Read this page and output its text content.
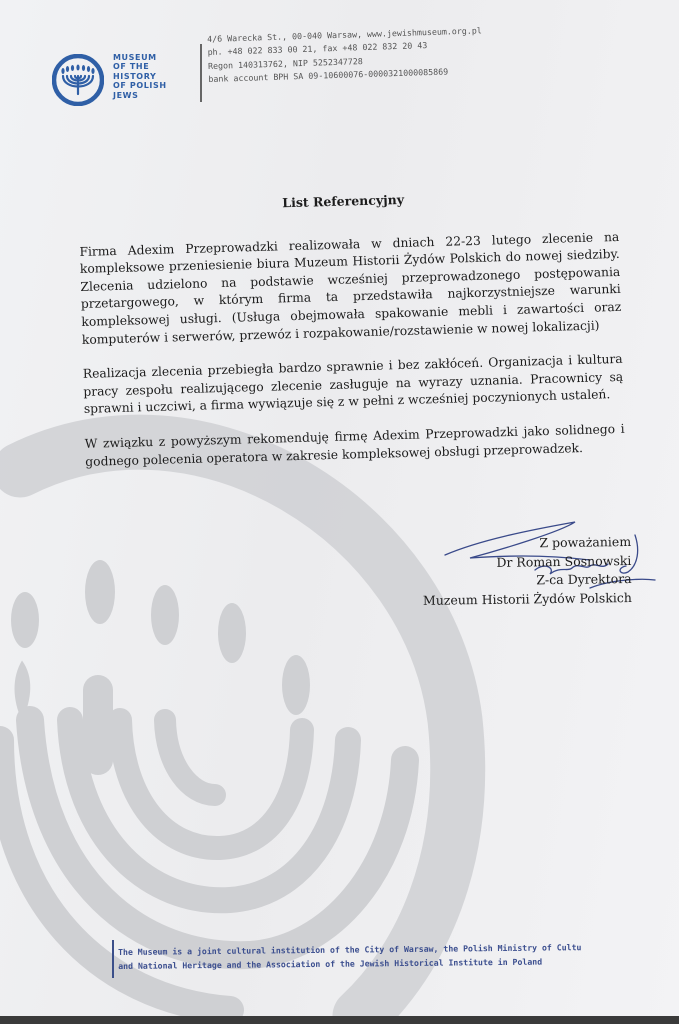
MUSEUM
OF THE
HISTORY
OF POLISH
JEWS
4/6 Warecka St., 00-040 Warsaw, www.jewishmuseum.org.pl
ph. +48 022 833 00 21, fax +48 022 832 20 43
Regon 140313762, NIP 5252347728
bank account BPH SA 09-10600076-0000321000085869
List Referencyjny
Firma Adexim Przeprowadzki realizowała w dniach 22-23 lutego zlecenie na kompleksowe przeniesienie biura Muzeum Historii Żydów Polskich do nowej siedziby. Zlecenia udzielono na podstawie wcześniej przeprowadzonego postępowania przetargowego, w którym firma ta przedstawiła najkorzystniejsze warunki kompleksowej usługi. (Usługa obejmowała spakowanie mebli i zawartości oraz komputerów i serwerów, przewóz i rozpakowanie/rozstawienie w nowej lokalizacji)
Realizacja zlecenia przebiegła bardzo sprawnie i bez zakłóceń. Organizacja i kultura pracy zespołu realizującego zlecenie zasługuje na wyrazy uznania. Pracownicy są sprawni i uczciwi, a firma wywiązuje się z w pełni z wcześniej poczynionych ustaleń.
W związku z powyższym rekomenduję firmę Adexim Przeprowadzki jako solidnego i godnego polecenia operatora w zakresie kompleksowej obsługi przeprowadzek.
Z poważaniem
Dr Roman Sosnowski
Z-ca Dyrektora
Muzeum Historii Żydów Polskich
The Museum is a joint cultural institution of the City of Warsaw, the Polish Ministry of Cultu
and National Heritage and the Association of the Jewish Historical Institute in Poland
